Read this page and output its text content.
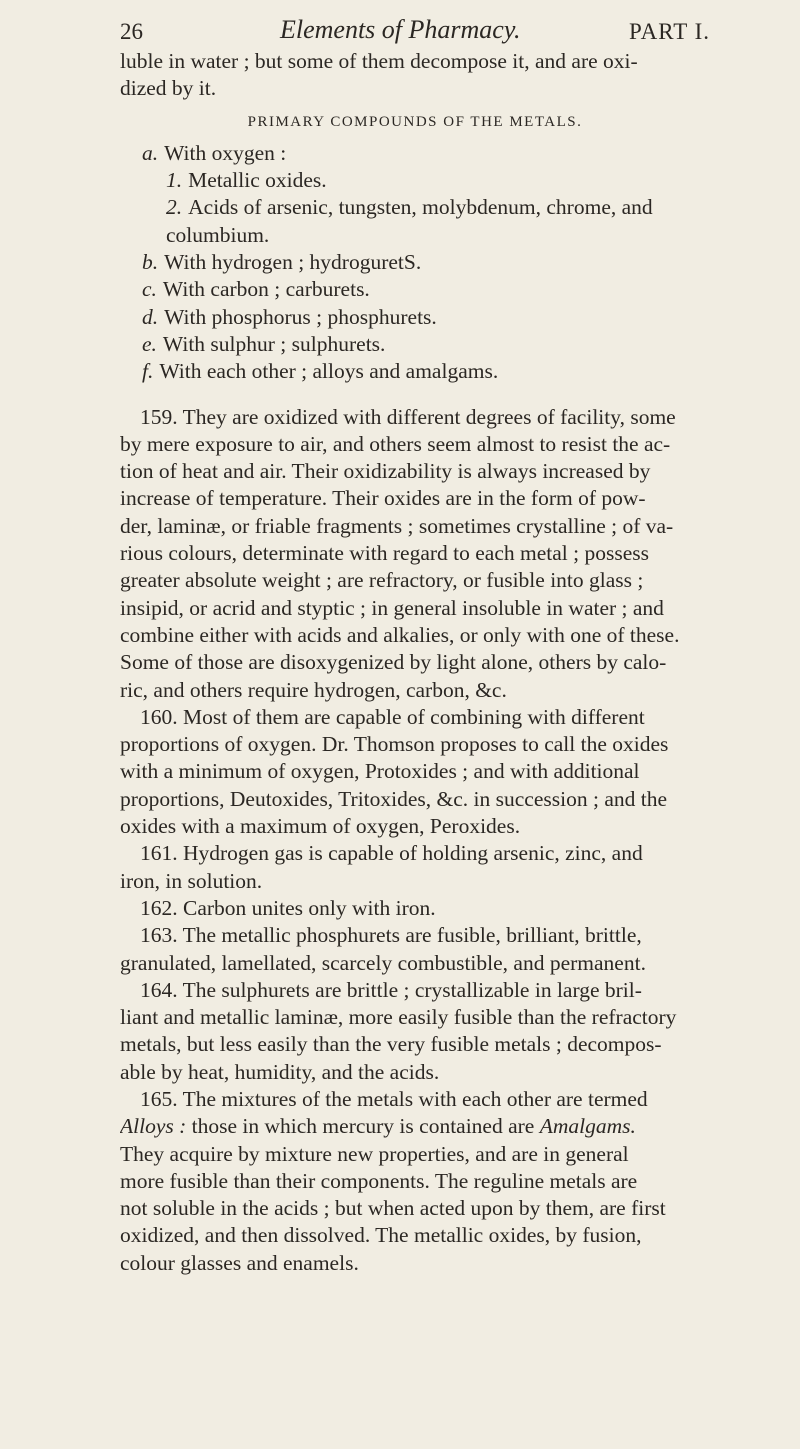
26	Elements of Pharmacy.	PART I.
luble in water ; but some of them decompose it, and are oxi-
dized by it.
PRIMARY COMPOUNDS OF THE METALS.
a. With oxygen :
1. Metallic oxides.
2. Acids of arsenic, tungsten, molybdenum, chrome, and
columbium.
b. With hydrogen ; hydroguretS.
c. With carbon ; carburets.
d. With phosphorus ; phosphurets.
e. With sulphur ; sulphurets.
f. With each other ; alloys and amalgams.
159. They are oxidized with different degrees of facility, some
by mere exposure to air, and others seem almost to resist the ac-
tion of heat and air. Their oxidizability is always increased by
increase of temperature. Their oxides are in the form of pow-
der, laminæ, or friable fragments ; sometimes crystalline ; of va-
rious colours, determinate with regard to each metal ; possess
greater absolute weight ; are refractory, or fusible into glass ;
insipid, or acrid and styptic ; in general insoluble in water ; and
combine either with acids and alkalies, or only with one of these.
Some of those are disoxygenized by light alone, others by calo-
ric, and others require hydrogen, carbon, &c.
160. Most of them are capable of combining with different
proportions of oxygen. Dr. Thomson proposes to call the oxides
with a minimum of oxygen, Protoxides ; and with additional
proportions, Deutoxides, Tritoxides, &c. in succession ; and the
oxides with a maximum of oxygen, Peroxides.
161. Hydrogen gas is capable of holding arsenic, zinc, and
iron, in solution.
162. Carbon unites only with iron.
163. The metallic phosphurets are fusible, brilliant, brittle,
granulated, lamellated, scarcely combustible, and permanent.
164. The sulphurets are brittle ; crystallizable in large bril-
liant and metallic laminæ, more easily fusible than the refractory
metals, but less easily than the very fusible metals ; decompos-
able by heat, humidity, and the acids.
165. The mixtures of the metals with each other are termed
Alloys : those in which mercury is contained are Amalgams.
They acquire by mixture new properties, and are in general
more fusible than their components. The reguline metals are
not soluble in the acids ; but when acted upon by them, are first
oxidized, and then dissolved. The metallic oxides, by fusion,
colour glasses and enamels.
